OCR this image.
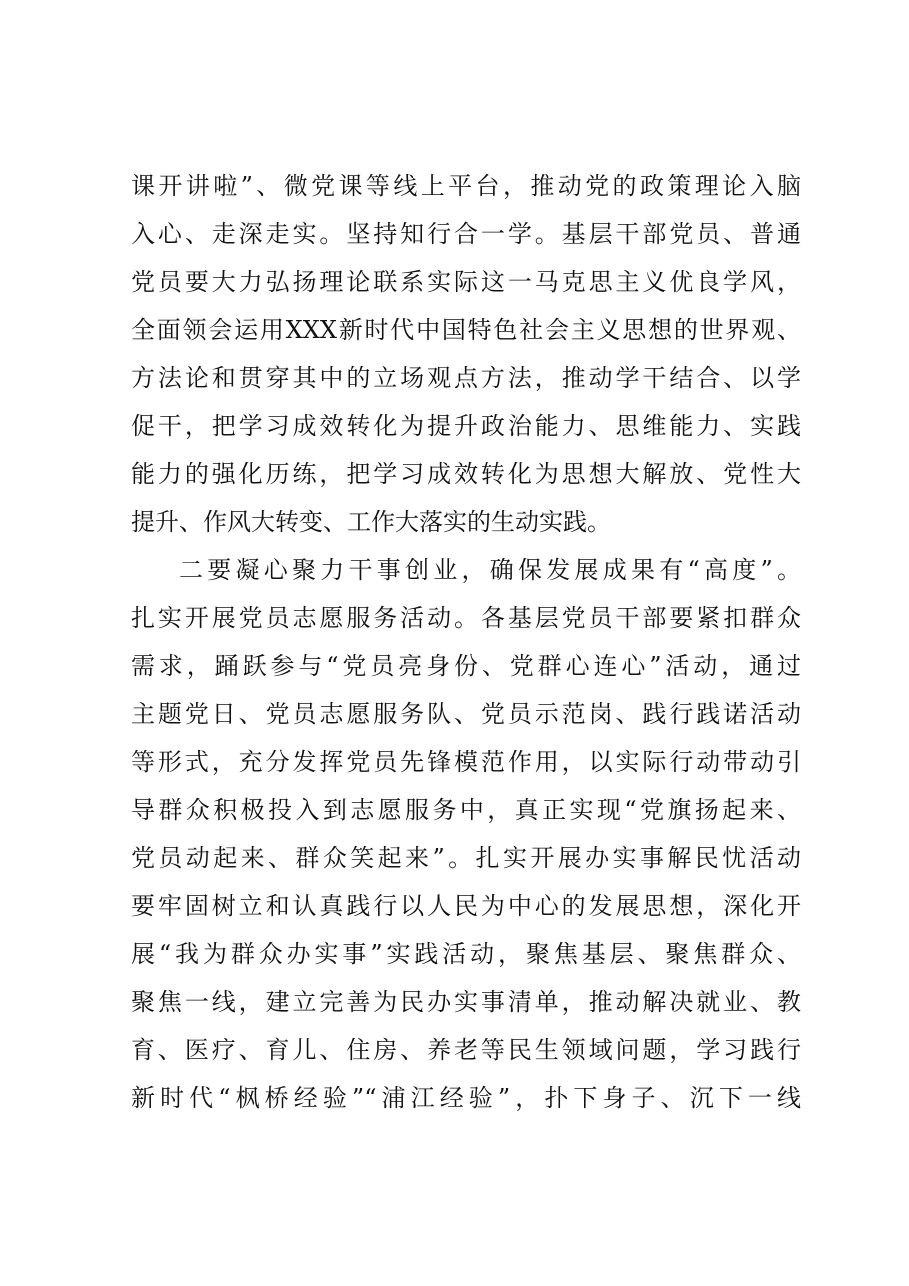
课开讲啦”、微党课等线上平台，推动党的政策理论入脑
入心、走深走实。坚持知行合一学。基层干部党员、普通
党员要大力弘扬理论联系实际这一马克思主义优良学风，
全面领会运用XXX新时代中国特色社会主义思想的世界观、
方法论和贯穿其中的立场观点方法，推动学干结合、以学
促干，把学习成效转化为提升政治能力、思维能力、实践
能力的强化历练，把学习成效转化为思想大解放、党性大
提升、作风大转变、工作大落实的生动实践。
二要凝心聚力干事创业，确保发展成果有“高度”。
扎实开展党员志愿服务活动。各基层党员干部要紧扣群众
需求，踊跃参与“党员亮身份、党群心连心”活动，通过
主题党日、党员志愿服务队、党员示范岗、践行践诺活动
等形式，充分发挥党员先锋模范作用，以实际行动带动引
导群众积极投入到志愿服务中，真正实现“党旗扬起来、
党员动起来、群众笑起来”。扎实开展办实事解民忧活动
要牢固树立和认真践行以人民为中心的发展思想，深化开
展“我为群众办实事”实践活动，聚焦基层、聚焦群众、
聚焦一线，建立完善为民办实事清单，推动解决就业、教
育、医疗、育儿、住房、养老等民生领域问题，学习践行
新时代“枫桥经验”“浦江经验”，扑下身子、沉下一线
